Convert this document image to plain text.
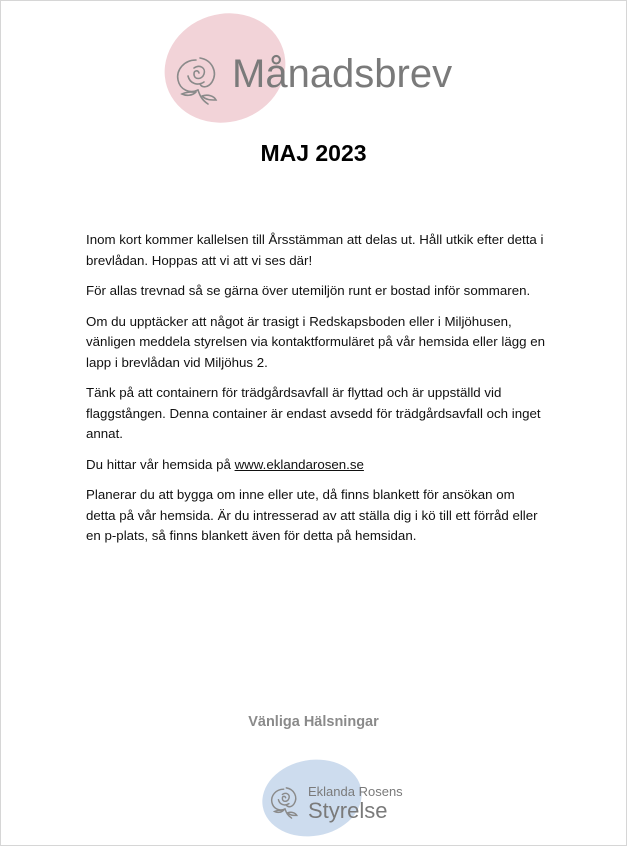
Månadsbrev
MAJ 2023

Inom kort kommer kallelsen till Årsstämman att delas ut. Håll utkik efter detta i brevlådan. Hoppas att vi att vi ses där!

För allas trevnad så se gärna över utemiljön runt er bostad inför sommaren.

Om du upptäcker att något är trasigt i Redskapsboden eller i Miljöhusen, vänligen meddela styrelsen via kontaktformuläret på vår hemsida eller lägg en lapp i brevlådan vid Miljöhus 2.

Tänk på att containern för trädgårdsavfall är flyttad och är uppställd vid flaggstången. Denna container är endast avsedd för trädgårdsavfall och inget annat.

Du hittar vår hemsida på www.eklandarosen.se

Planerar du att bygga om inne eller ute, då finns blankett för ansökan om detta på vår hemsida. Är du intresserad av att ställa dig i kö till ett förråd eller en p-plats, så finns blankett även för detta på hemsidan.

Vänliga Hälsningar
Eklanda Rosens
Styrelse
